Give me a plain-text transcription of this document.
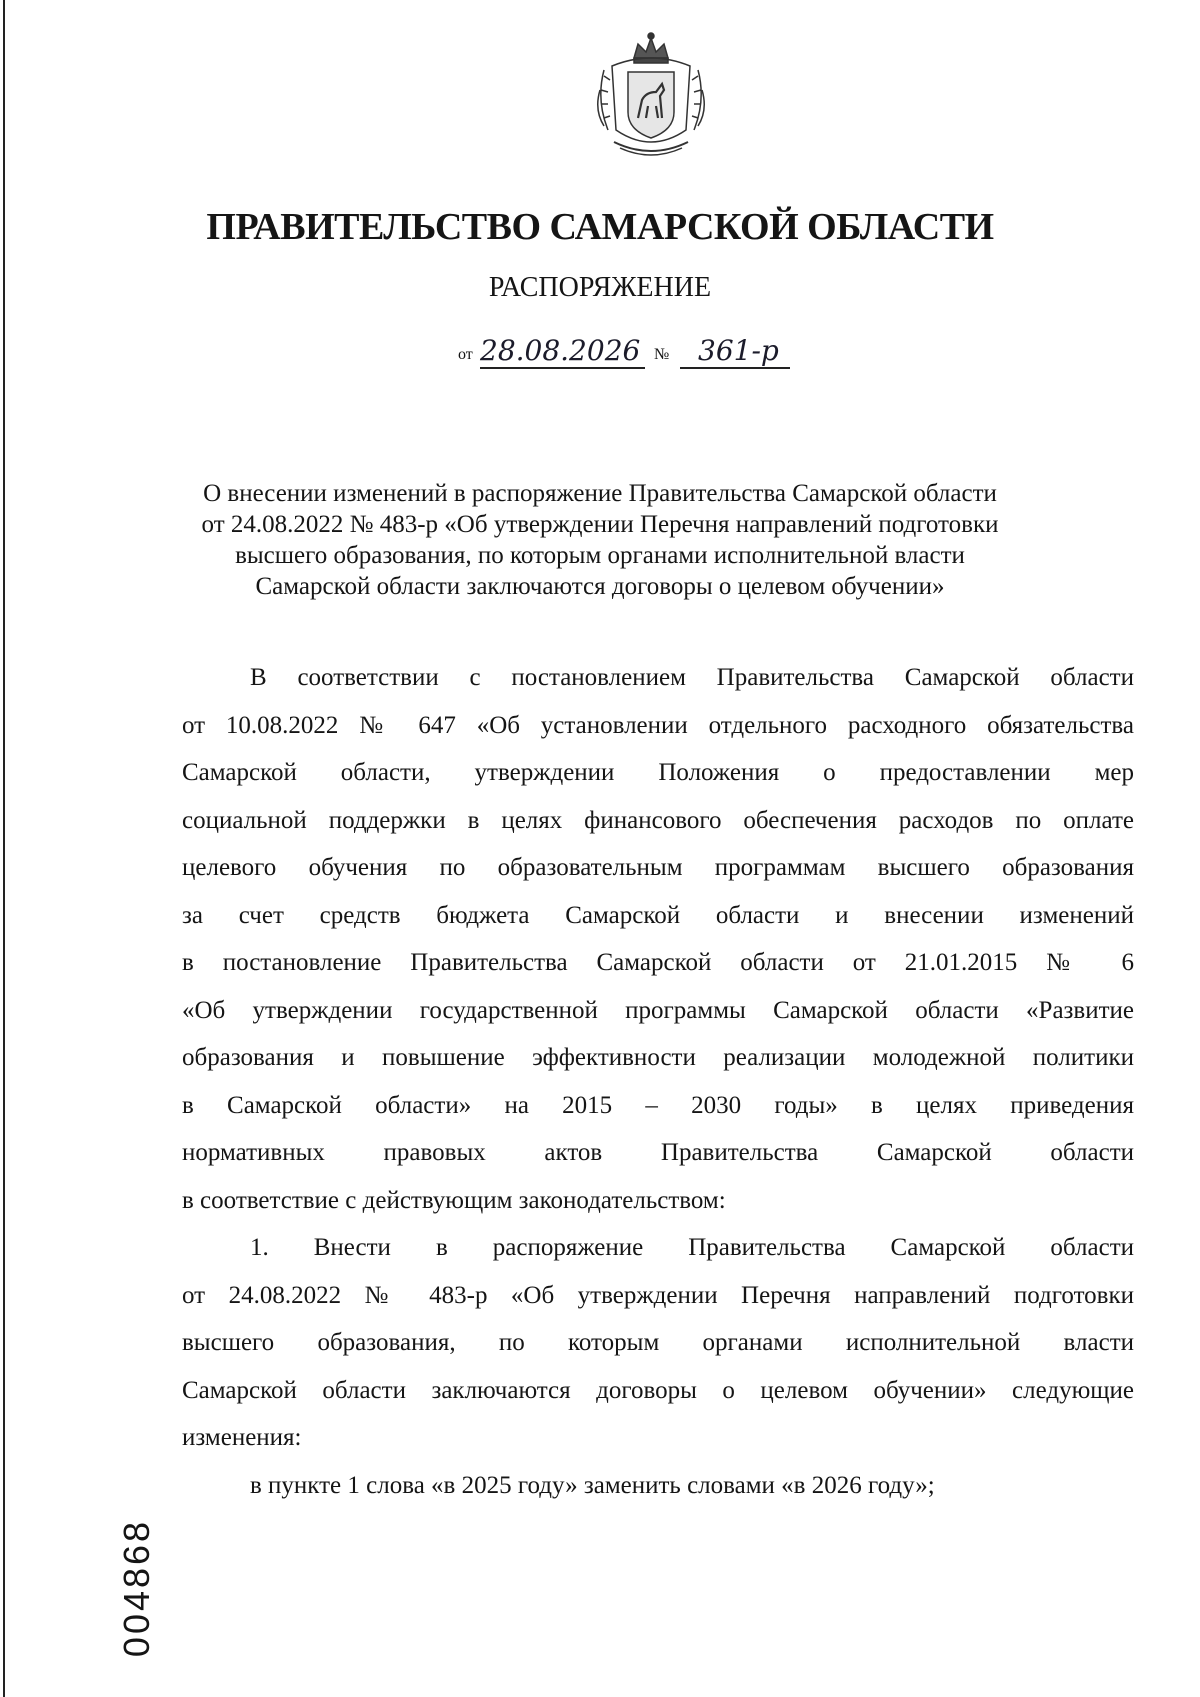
ПРАВИТЕЛЬСТВО САМАРСКОЙ ОБЛАСТИ
РАСПОРЯЖЕНИЕ
от 28.08.2026 № 361-р
О внесении изменений в распоряжение Правительства Самарской области
от 24.08.2022 № 483-р «Об утверждении Перечня направлений подготовки
высшего образования, по которым органами исполнительной власти
Самарской области заключаются договоры о целевом обучении»
В соответствии с постановлением Правительства Самарской области
от 10.08.2022 № 647 «Об установлении отдельного расходного обязательства
Самарской области, утверждении Положения о предоставлении мер
социальной поддержки в целях финансового обеспечения расходов по оплате
целевого обучения по образовательным программам высшего образования
за счет средств бюджета Самарской области и внесении изменений
в постановление Правительства Самарской области от 21.01.2015 № 6
«Об утверждении государственной программы Самарской области «Развитие
образования и повышение эффективности реализации молодежной политики
в Самарской области» на 2015 – 2030 годы» в целях приведения
нормативных правовых актов Правительства Самарской области
в соответствие с действующим законодательством:
1. Внести в распоряжение Правительства Самарской области
от 24.08.2022 № 483-р «Об утверждении Перечня направлений подготовки
высшего образования, по которым органами исполнительной власти
Самарской области заключаются договоры о целевом обучении» следующие
изменения:
в пункте 1 слова «в 2025 году» заменить словами «в 2026 году»;
004868
